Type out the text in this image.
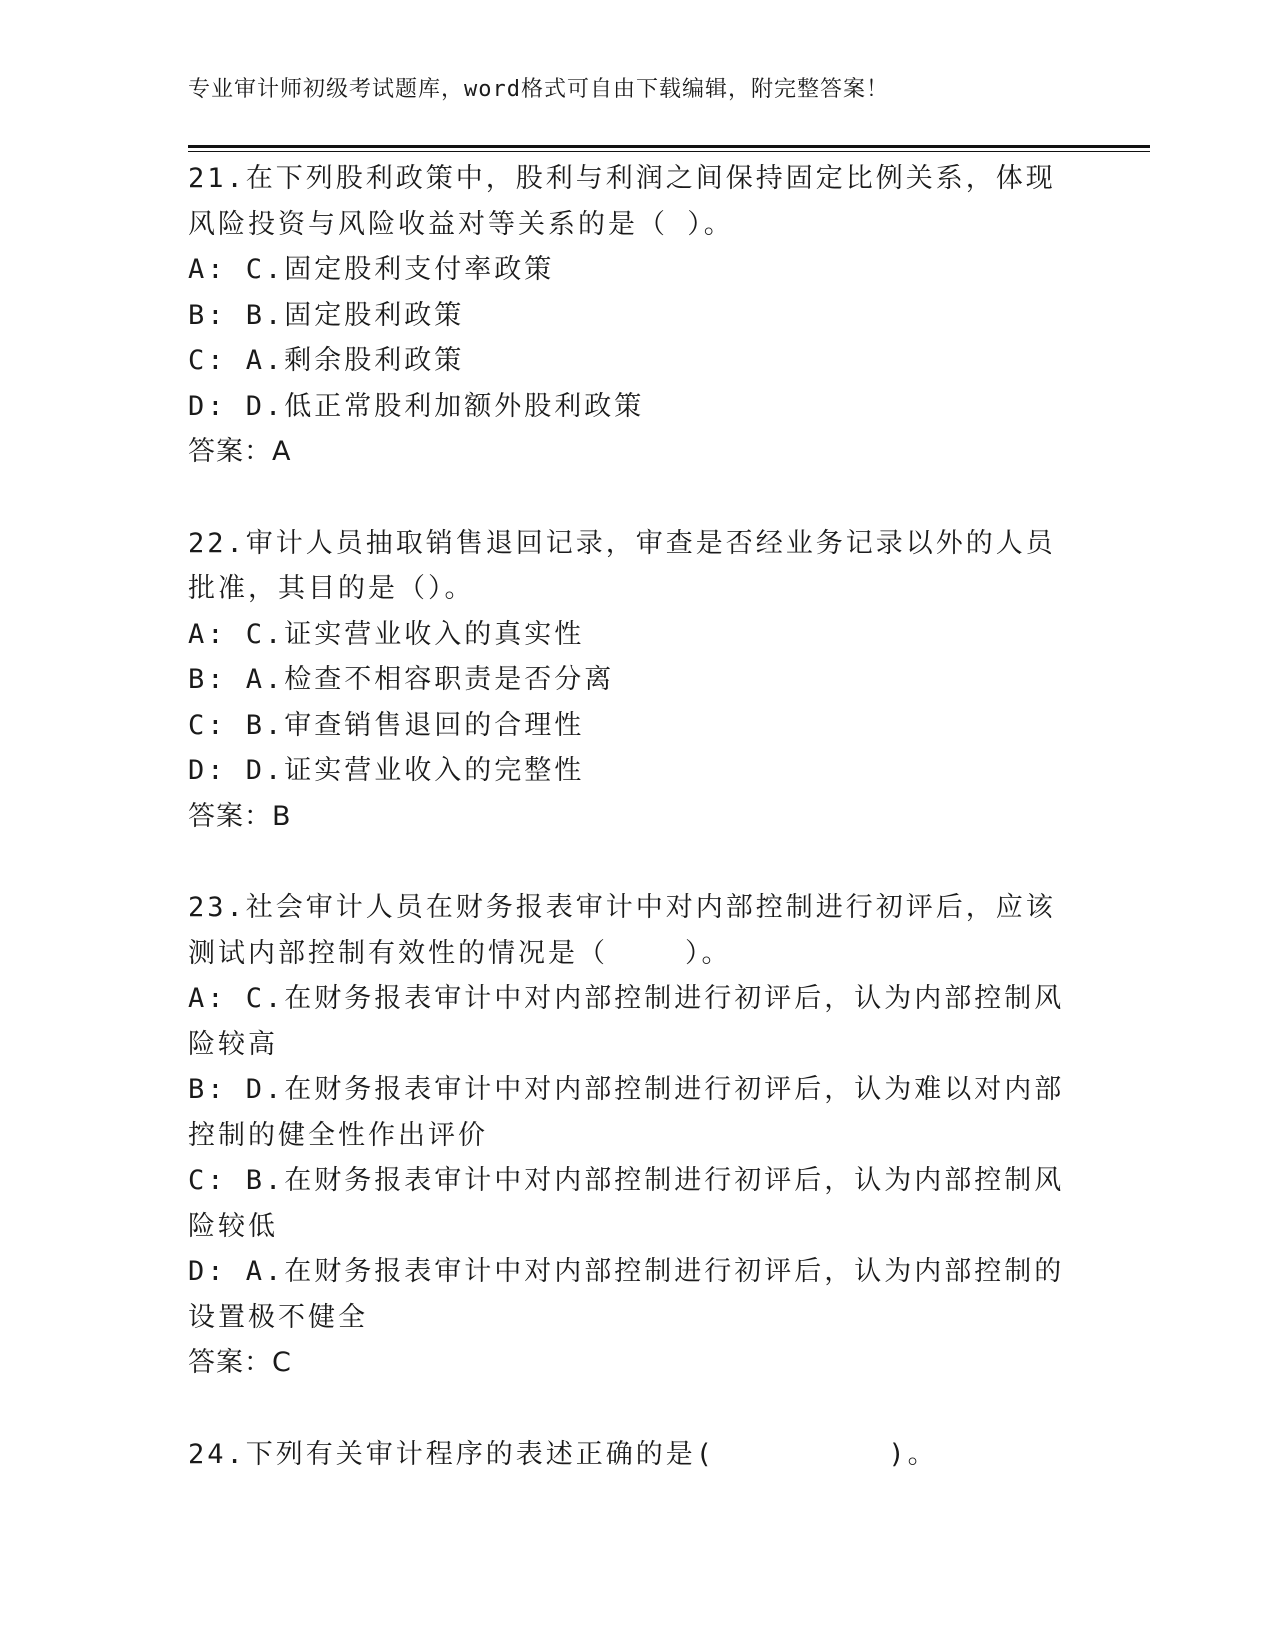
专业审计师初级考试题库，word格式可自由下载编辑，附完整答案！
21.在下列股利政策中，股利与利润之间保持固定比例关系，体现风险投资与风险收益对等关系的是（ ）。
A: C.固定股利支付率政策
B: B.固定股利政策
C: A.剩余股利政策
D: D.低正常股利加额外股利政策
答案：A
22.审计人员抽取销售退回记录，审查是否经业务记录以外的人员批准，其目的是（）。
A: C.证实营业收入的真实性
B: A.检查不相容职责是否分离
C: B.审查销售退回的合理性
D: D.证实营业收入的完整性
答案：B
23.社会审计人员在财务报表审计中对内部控制进行初评后，应该测试内部控制有效性的情况是（    ）。
A: C.在财务报表审计中对内部控制进行初评后，认为内部控制风险较高
B: D.在财务报表审计中对内部控制进行初评后，认为难以对内部控制的健全性作出评价
C: B.在财务报表审计中对内部控制进行初评后，认为内部控制风险较低
D: A.在财务报表审计中对内部控制进行初评后，认为内部控制的设置极不健全
答案：C
24.下列有关审计程序的表述正确的是(         )。
